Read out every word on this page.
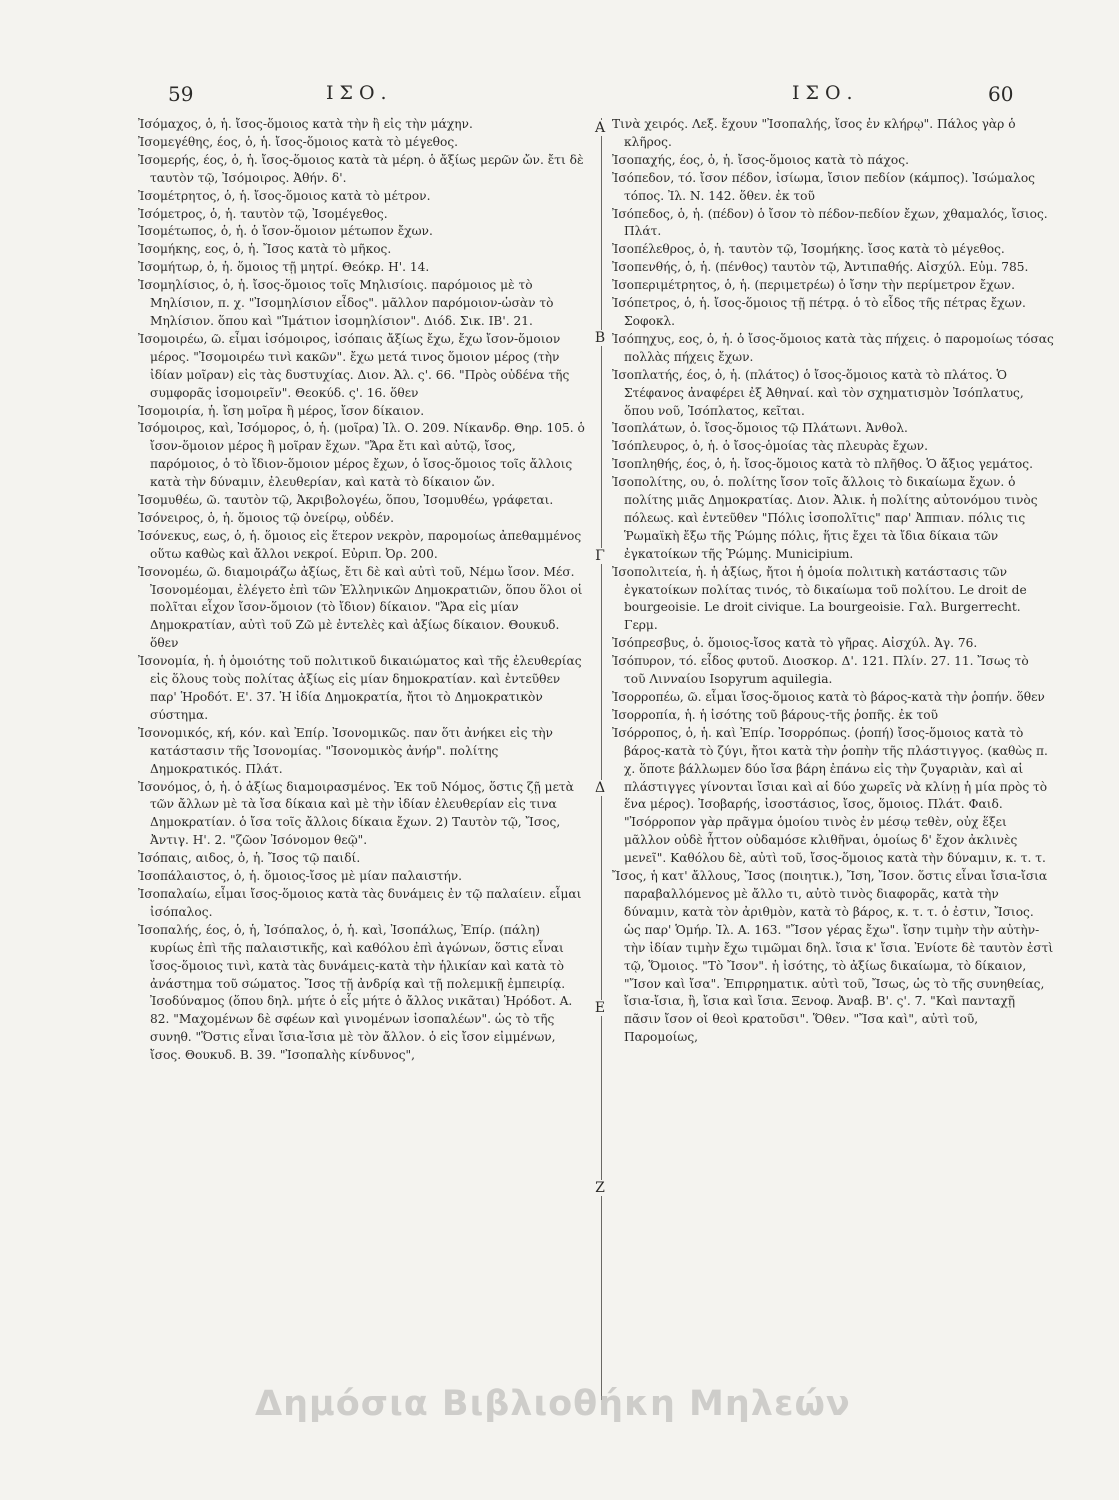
59	ΙΣΟ.	ΙΣΟ.	60

Ἰσόμαχος, ὁ, ἡ. ἴσος-ὅμοιος κατὰ τὴν ἢ εἰς τὴν μάχην.

Ἰσομεγέθης, έος, ὁ, ἡ. ἴσος-ὅμοιος κατὰ τὸ μέγεθος.

Ἰσομερής, έος, ὁ, ἡ. ἴσος-ὅμοιος κατὰ τὰ μέρη. ὁ ἄξίως μερῶν ὤν. ἔτι δὲ ταυτὸν τῷ, Ἰσόμοιρος. Ἀθήν. δ'.

Ἰσομέτρητος, ὁ, ἡ. ἴσος-ὅμοιος κατὰ τὸ μέτρον.

Ἰσόμετρος, ὁ, ἡ. ταυτὸν τῷ, Ἰσομέγεθος.

Ἰσομέτωπος, ὁ, ἡ. ὁ ἴσον-ὅμοιον μέτωπον ἔχων.

Ἰσομήκης, εος, ὁ, ἡ. Ἴσος κατὰ τὸ μῆκος.

Ἰσομήτωρ, ὁ, ἡ. ὅμοιος τῇ μητρί. Θεόκρ. Η'. 14.

Ἰσομηλίσιος, ὁ, ἡ. ἴσος-ὅμοιος τοῖς Μηλισίοις. παρόμοιος μὲ τὸ Μηλίσιον, π. χ. "Ἰσομηλίσιον εἶδος". μᾶλλον παρόμοιον-ὡσὰν τὸ Μηλίσιον. ὅπου καὶ "Ἱμάτιον ἰσομηλίσιον". Διόδ. Σικ. ΙΒ'. 21.

Ἰσομοιρέω, ῶ. εἶμαι ἰσόμοιρος, ἰσόπαις ἄξίως ἔχω, ἔχω ἴσον-ὅμοιον μέρος. "Ἰσομοιρέω τινὶ κακῶν". ἔχω μετά τινος ὅμοιον μέρος (τὴν ἰδίαν μοῖραν) εἰς τὰς δυστυχίας. Διον. Ἀλ. ς'. 66. "Πρὸς οὐδένα τῆς συμφορᾶς ἰσομοιρεῖν". Θεοκύδ. ς'. 16. ὅθεν

Ἰσομοιρία, ἡ. ἴση μοῖρα ἢ μέρος, ἴσον δίκαιον.

Ἰσόμοιρος, καὶ, Ἰσόμορος, ὁ, ἡ. (μοῖρα) Ἰλ. Ο. 209. Νίκανδρ. Θηρ. 105. ὁ ἴσον-ὅμοιον μέρος ἢ μοῖραν ἔχων. "Ἄρα ἔτι καὶ αὐτῷ, ἴσος, παρόμοιος, ὁ τὸ ἴδιον-ὅμοιον μέρος ἔχων, ὁ ἴσος-ὅμοιος τοῖς ἄλλοις κατὰ τὴν δύναμιν, ἐλευθερίαν, καὶ κατὰ τὸ δίκαιον ὤν.

Ἰσομυθέω, ῶ. ταυτὸν τῷ, Ἀκριβολογέω, ὅπου, Ἰσομυθέω, γράφεται.

Ἰσόνειρος, ὁ, ἡ. ὅμοιος τῷ ὀνείρῳ, οὐδέν.

Ἰσόνεκυς, εως, ὁ, ἡ. ὅμοιος εἰς ἕτερον νεκρὸν, παρομοίως ἀπεθαμμένος οὕτω καθὼς καὶ ἄλλοι νεκροί. Εὐριπ. Ὀρ. 200.

Ἰσονομέω, ῶ. διαμοιράζω ἀξίως, ἔτι δὲ καὶ αὐτὶ τοῦ, Νέμω ἴσον. Μέσ. Ἰσονομέομαι, ἐλέγετο ἐπὶ τῶν Ἑλληνικῶν Δημοκρατιῶν, ὅπου ὅλοι οἱ πολῖται εἶχον ἴσον-ὅμοιον (τὸ ἴδιον) δίκαιον. "Ἄρα εἰς μίαν Δημοκρατίαν, αὐτὶ τοῦ Ζῶ μὲ ἐντελὲς καὶ ἀξίως δίκαιον. Θουκυδ. ὅθεν

Ἰσονομία, ἡ. ἡ ὁμοιότης τοῦ πολιτικοῦ δικαιώματος καὶ τῆς ἐλευθερίας εἰς ὅλους τοὺς πολίτας ἀξίως εἰς μίαν δημοκρατίαν. καὶ ἐντεῦθεν παρ' Ἡροδότ. Ε'. 37. Ἡ ἰδία Δημοκρατία, ἤτοι τὸ Δημοκρατικὸν σύστημα.

Ἰσονομικός, κή, κόν. καὶ Ἐπίρ. Ἰσονομικῶς. παν ὅτι ἀνήκει εἰς τὴν κατάστασιν τῆς Ἰσονομίας. "Ἰσονομικὸς ἀνήρ". πολίτης Δημοκρατικός. Πλάτ.

Ἰσονόμος, ὁ, ἡ. ὁ ἀξίως διαμοιρασμένος. Ἐκ τοῦ Νόμος, ὅστις ζῇ μετὰ τῶν ἄλλων μὲ τὰ ἴσα δίκαια καὶ μὲ τὴν ἰδίαν ἐλευθερίαν εἰς τινα Δημοκρατίαν. ὁ ἴσα τοῖς ἄλλοις δίκαια ἔχων. 2) Ταυτὸν τῷ, Ἴσος, Ἀντιγ. Η'. 2. "ζῶον Ἰσόνομον θεῷ".

Ἰσόπαις, αιδος, ὁ, ἡ. Ἴσος τῷ παιδί.

Ἰσοπάλαιστος, ὁ, ἡ. ὅμοιος-ἴσος μὲ μίαν παλαιστήν.

Ἰσοπαλαίω, εἶμαι ἴσος-ὅμοιος κατὰ τὰς δυνάμεις ἐν τῷ παλαίειν. εἶμαι ἰσόπαλος.

Ἰσοπαλής, έος, ὁ, ἡ, Ἰσόπαλος, ὁ, ἡ. καὶ, Ἰσοπάλως, Ἐπίρ. (πάλη) κυρίως ἐπὶ τῆς παλαιστικῆς, καὶ καθόλου ἐπὶ ἀγώνων, ὅστις εἶναι ἴσος-ὅμοιος τινὶ, κατὰ τὰς δυνάμεις-κατὰ τὴν ἡλικίαν καὶ κατὰ τὸ ἀνάστημα τοῦ σώματος. Ἴσος τῇ ἀνδρίᾳ καὶ τῇ πολεμικῇ ἐμπειρίᾳ. Ἰσοδύναμος (ὅπου δηλ. μήτε ὁ εἷς μήτε ὁ ἄλλος νικᾶται) Ἡρόδοτ. Α. 82. "Μαχομένων δὲ σφέων καὶ γινομένων ἰσοπαλέων". ὡς τὸ τῆς συνηθ. "Ὅστις εἶναι ἴσια-ἴσια μὲ τὸν ἄλλον. ὁ εἰς ἴσον εἰμμένων, ἴσος. Θουκυδ. Β. 39. "Ἰσοπαλὴς κίνδυνος",

A
B
Γ
Δ
E
Z

Τινὰ χειρός. Λεξ. ἔχουν "Ἰσοπαλής, ἴσος ἐν κλήρῳ". Πάλος γὰρ ὁ κλῆρος.

Ἰσοπαχής, έος, ὁ, ἡ. ἴσος-ὅμοιος κατὰ τὸ πάχος.

Ἰσόπεδον, τό. ἴσον πέδον, ἰσίωμα, ἴσιον πεδίον (κάμπος). Ἰσώμαλος τόπος. Ἰλ. Ν. 142. ὅθεν. ἐκ τοῦ

Ἰσόπεδος, ὁ, ἡ. (πέδον) ὁ ἴσον τὸ πέδον-πεδίον ἔχων, χθαμαλός, ἴσιος. Πλάτ.

Ἰσοπέλεθρος, ὁ, ἡ. ταυτὸν τῷ, Ἰσομήκης. ἴσος κατὰ τὸ μέγεθος.

Ἰσοπενθής, ὁ, ἡ. (πένθος) ταυτὸν τῷ, Ἀντιπαθής. Αἰσχύλ. Εὐμ. 785.

Ἰσοπεριμέτρητος, ὁ, ἡ. (περιμετρέω) ὁ ἴσην τὴν περίμετρον ἔχων.

Ἰσόπετρος, ὁ, ἡ. ἴσος-ὅμοιος τῇ πέτρᾳ. ὁ τὸ εἶδος τῆς πέτρας ἔχων. Σοφοκλ.

Ἰσόπηχυς, εος, ὁ, ἡ. ὁ ἴσος-ὅμοιος κατὰ τὰς πήχεις. ὁ παρομοίως τόσας πολλὰς πήχεις ἔχων.

Ἰσοπλατής, έος, ὁ, ἡ. (πλάτος) ὁ ἴσος-ὅμοιος κατὰ τὸ πλάτος. Ὁ Στέφανος ἀναφέρει ἐξ Ἀθηναί. καὶ τὸν σχηματισμὸν Ἰσόπλατυς, ὅπου νοῦ, Ἰσόπλατος, κεῖται.

Ἰσοπλάτων, ὁ. ἴσος-ὅμοιος τῷ Πλάτωνι. Ἀνθολ.

Ἰσόπλευρος, ὁ, ἡ. ὁ ἴσος-ὁμοίας τὰς πλευρὰς ἔχων.

Ἰσοπληθής, έος, ὁ, ἡ. ἴσος-ὅμοιος κατὰ τὸ πλῆθος. Ὁ ἄξιος γεμάτος.

Ἰσοπολίτης, ου, ὁ. πολίτης ἴσον τοῖς ἄλλοις τὸ δικαίωμα ἔχων. ὁ πολίτης μιᾶς Δημοκρατίας. Διον. Ἀλικ. ἡ πολίτης αὐτονόμου τινὸς πόλεως. καὶ ἐντεῦθεν "Πόλις ἰσοπολῖτις" παρ' Ἀππιαν. πόλις τις Ῥωμαϊκὴ ἔξω τῆς Ῥώμης πόλις, ἥτις ἔχει τὰ ἴδια δίκαια τῶν ἐγκατοίκων τῆς Ῥώμης. Municipium.

Ἰσοπολιτεία, ἡ. ἡ ἀξίως, ἤτοι ἡ ὁμοία πολιτικὴ κατάστασις τῶν ἐγκατοίκων πολίτας τινός, τὸ δικαίωμα τοῦ πολίτου. Le droit de bourgeoisie. Le droit civique. La bourgeoisie. Γαλ. Burgerrecht. Γερμ.

Ἰσόπρεσβυς, ὁ. ὅμοιος-ἴσος κατὰ τὸ γῆρας. Αἰσχύλ. Ἀγ. 76.

Ἰσόπυρον, τό. εἶδος φυτοῦ. Διοσκορ. Δ'. 121. Πλίν. 27. 11. Ἴσως τὸ τοῦ Λινναίου Isopyrum aquilegia.

Ἰσορροπέω, ῶ. εἶμαι ἴσος-ὅμοιος κατὰ τὸ βάρος-κατὰ τὴν ῥοπήν. ὅθεν

Ἰσορροπία, ἡ. ἡ ἰσότης τοῦ βάρους-τῆς ῥοπῆς. ἐκ τοῦ

Ἰσόρροπος, ὁ, ἡ. καὶ Ἐπίρ. Ἰσορρόπως. (ῥοπή) ἴσος-ὅμοιος κατὰ τὸ βάρος-κατὰ τὸ ζύγι, ἤτοι κατὰ τὴν ῥοπὴν τῆς πλάστιγγος. (καθὼς π. χ. ὅποτε βάλλωμεν δύο ἴσα βάρη ἐπάνω εἰς τὴν ζυγαριὰν, καὶ αἱ πλάστιγγες γίνονται ἴσιαι καὶ αἱ δύο χωρεῖς νὰ κλίνῃ ἡ μία πρὸς τὸ ἕνα μέρος). Ἰσοβαρής, ἰσοστάσιος, ἴσος, ὅμοιος. Πλάτ. Φαιδ. "Ἰσόρροπον γὰρ πρᾶγμα ὁμοίου τινὸς ἐν μέσῳ τεθὲν, οὐχ ἕξει μᾶλλον οὐδὲ ἧττον οὐδαμόσε κλιθῆναι, ὁμοίως δ' ἔχον ἀκλινὲς μενεῖ". Καθόλου δὲ, αὐτὶ τοῦ, ἴσος-ὅμοιος κατὰ τὴν δύναμιν, κ. τ. τ.

Ἴσος, ἡ κατ' ἄλλους, Ἴσος (ποιητικ.), Ἴση, Ἴσον. ὅστις εἶναι ἴσια-ἴσια παραβαλλόμενος μὲ ἄλλο τι, αὐτὸ τινὸς διαφορᾶς, κατὰ τὴν δύναμιν, κατὰ τὸν ἀριθμὸν, κατὰ τὸ βάρος, κ. τ. τ. ὁ ἐστιν, Ἴσιος. ὡς παρ' Ὁμήρ. Ἰλ. Α. 163. "Ἴσον γέρας ἔχω". ἴσην τιμὴν τὴν αὐτὴν-τὴν ἰδίαν τιμὴν ἔχω τιμῶμαι δηλ. ἴσια κ' ἴσια. Ἐνίοτε δὲ ταυτὸν ἐστὶ τῷ, Ὅμοιος. "Τὸ Ἴσον". ἡ ἰσότης, τὸ ἀξίως δικαίωμα, τὸ δίκαιον, "Ἴσον καὶ ἴσα". Ἐπιρρηματικ. αὐτὶ τοῦ, Ἴσως, ὡς τὸ τῆς συνηθείας, ἴσια-ἴσια, ἢ, ἴσια καὶ ἴσια. Ξενοφ. Ἀναβ. Β'. ς'. 7. "Καὶ πανταχῇ πᾶσιν ἴσον οἱ θεοὶ κρατοῦσι". Ὅθεν. "Ἴσα καὶ", αὐτὶ τοῦ, Παρομοίως,

Δημόσια Βιβλιοθήκη Μηλεών
